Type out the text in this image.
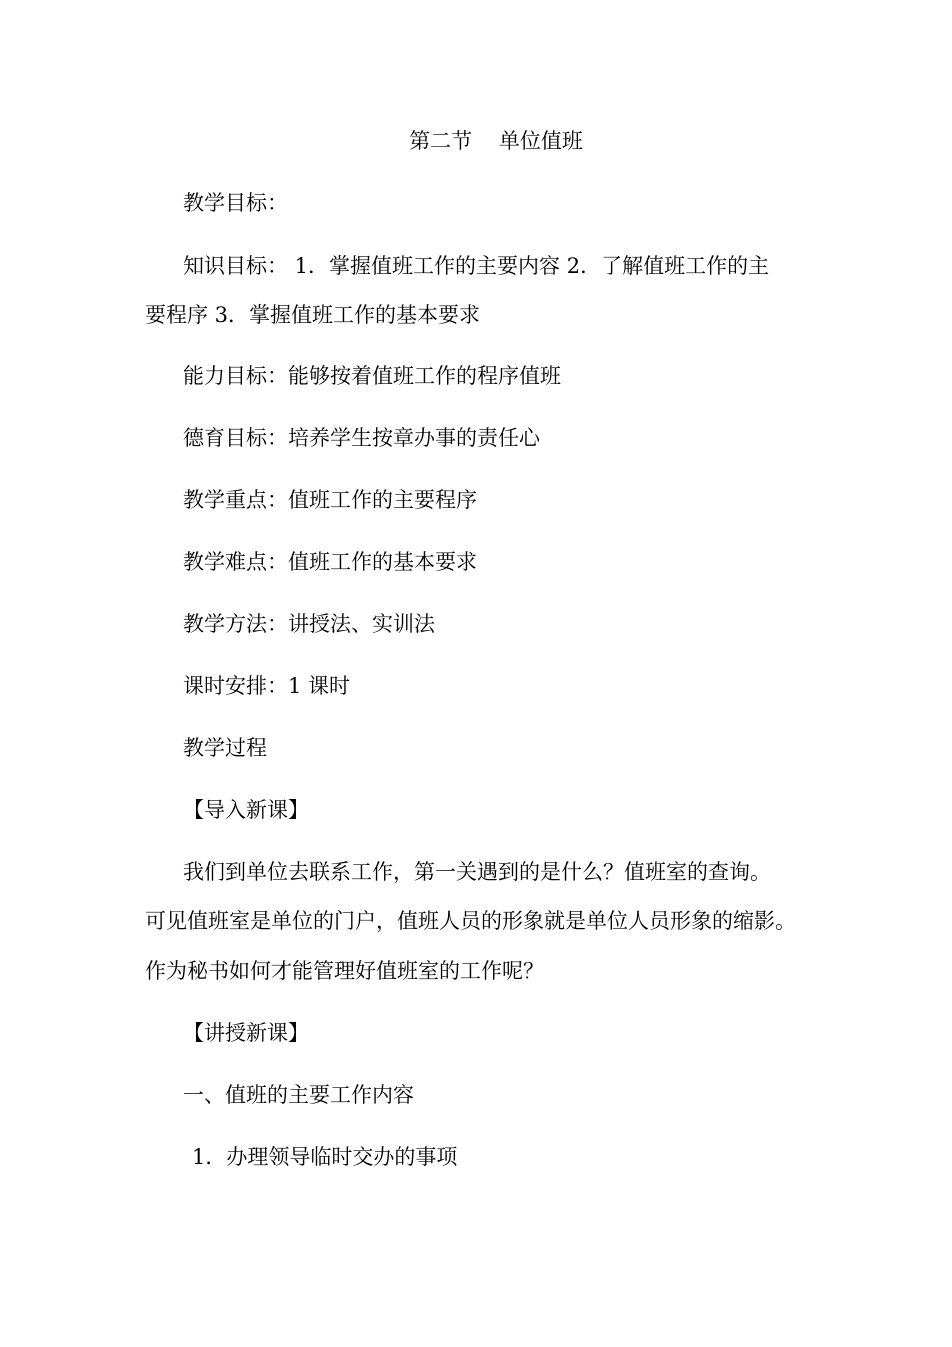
第二节    单位值班
教学目标：
知识目标： 1．掌握值班工作的主要内容 2．了解值班工作的主
要程序 3．掌握值班工作的基本要求
能力目标：能够按着值班工作的程序值班
德育目标：培养学生按章办事的责任心
教学重点：值班工作的主要程序
教学难点：值班工作的基本要求
教学方法：讲授法、实训法
课时安排：1 课时
教学过程
【导入新课】
我们到单位去联系工作，第一关遇到的是什么？值班室的查询。
可见值班室是单位的门户，值班人员的形象就是单位人员形象的缩影。
作为秘书如何才能管理好值班室的工作呢？
【讲授新课】
一、值班的主要工作内容
1．办理领导临时交办的事项
